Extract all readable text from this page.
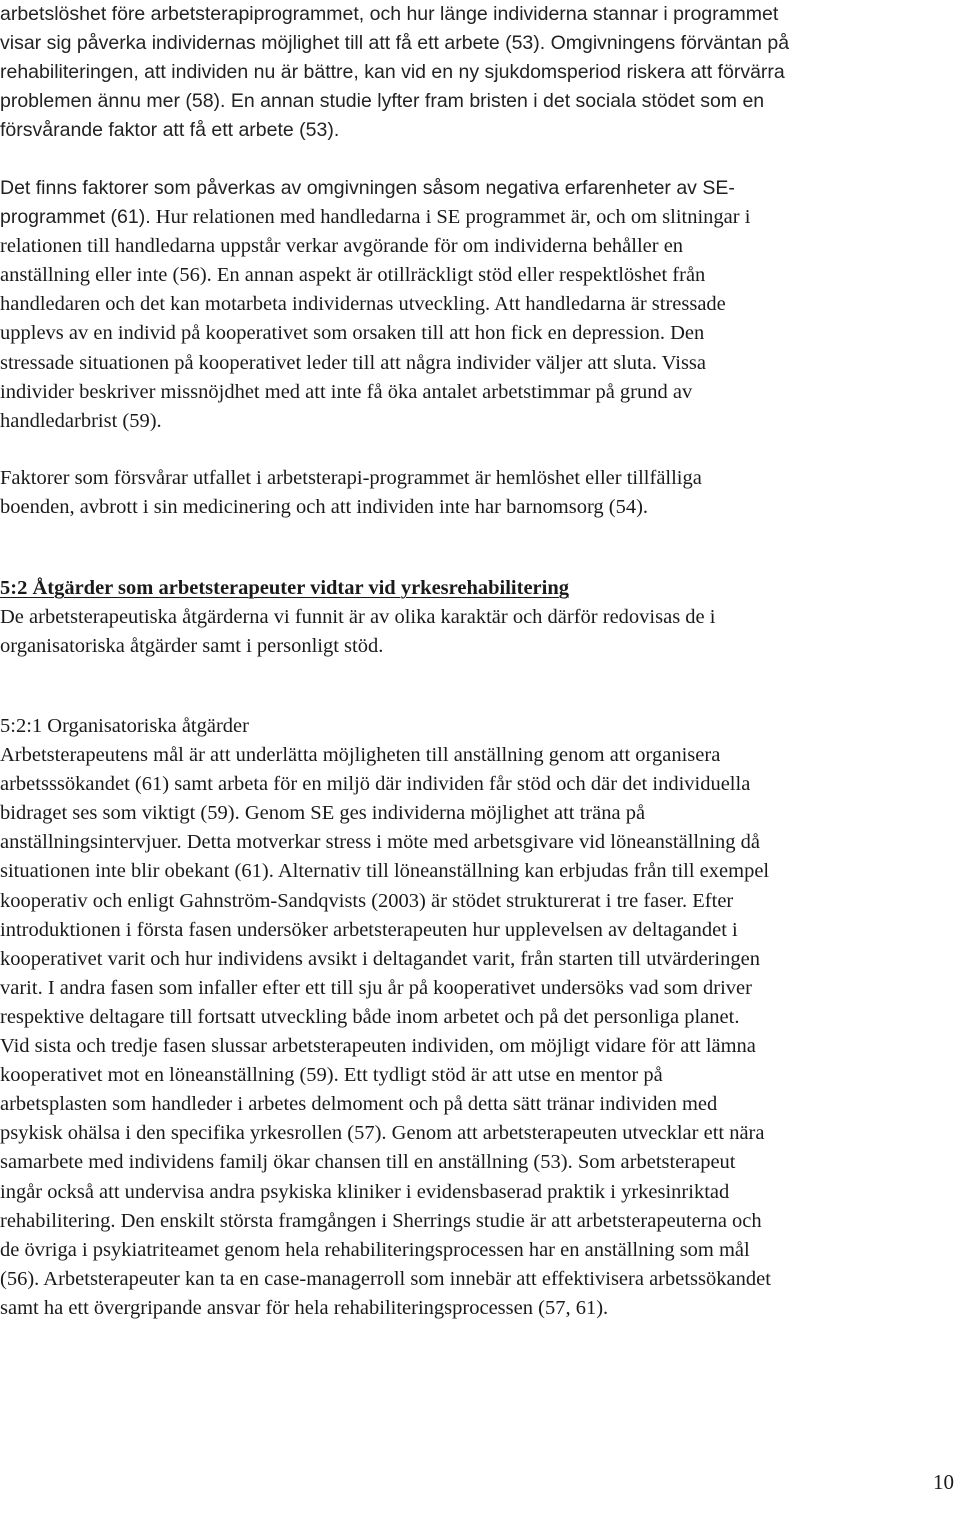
arbetslöshet före arbetsterapiprogrammet, och hur länge individerna stannar i programmet
visar sig påverka individernas möjlighet till att få ett arbete (53). Omgivningens förväntan på
rehabiliteringen, att individen nu är bättre, kan vid en ny sjukdomsperiod riskera att förvärra
problemen ännu mer (58). En annan studie lyfter fram bristen i det sociala stödet som en
försvårande faktor att få ett arbete (53).
Det finns faktorer som påverkas av omgivningen såsom negativa erfarenheter av SE-
programmet (61). Hur relationen med handledarna i SE programmet är, och om slitningar i
relationen till handledarna uppstår verkar avgörande för om individerna behåller en
anställning eller inte (56). En annan aspekt är otillräckligt stöd eller respektlöshet från
handledaren och det kan motarbeta individernas utveckling. Att handledarna är stressade
upplevs av en individ på kooperativet som orsaken till att hon fick en depression. Den
stressade situationen på kooperativet leder till att några individer väljer att sluta. Vissa
individer beskriver missnöjdhet med att inte få öka antalet arbetstimmar på grund av
handledarbrist (59).
Faktorer som försvårar utfallet i arbetsterapi-programmet är hemlöshet eller tillfälliga
boenden, avbrott i sin medicinering och att individen inte har barnomsorg (54).
5:2 Åtgärder som arbetsterapeuter vidtar vid yrkesrehabilitering
De arbetsterapeutiska åtgärderna vi funnit är av olika karaktär och därför redovisas de i
organisatoriska åtgärder samt i personligt stöd.
5:2:1 Organisatoriska åtgärder
Arbetsterapeutens mål är att underlätta möjligheten till anställning genom att organisera
arbetsssökandet (61) samt arbeta för en miljö där individen får stöd och där det individuella
bidraget ses som viktigt (59). Genom SE ges individerna möjlighet att träna på
anställningsintervjuer. Detta motverkar stress i möte med arbetsgivare vid löneanställning då
situationen inte blir obekant (61). Alternativ till löneanställning kan erbjudas från till exempel
kooperativ och enligt Gahnström-Sandqvists (2003) är stödet strukturerat i tre faser. Efter
introduktionen i första fasen undersöker arbetsterapeuten hur upplevelsen av deltagandet i
kooperativet varit och hur individens avsikt i deltagandet varit, från starten till utvärderingen
varit. I andra fasen som infaller efter ett till sju år på kooperativet undersöks vad som driver
respektive deltagare till fortsatt utveckling både inom arbetet och på det personliga planet.
Vid sista och tredje fasen slussar arbetsterapeuten individen, om möjligt vidare för att lämna
kooperativet mot en löneanställning (59). Ett tydligt stöd är att utse en mentor på
arbetsplasten som handleder i arbetes delmoment och på detta sätt tränar individen med
psykisk ohälsa i den specifika yrkesrollen (57). Genom att arbetsterapeuten utvecklar ett nära
samarbete med individens familj ökar chansen till en anställning (53). Som arbetsterapeut
ingår också att undervisa andra psykiska kliniker i evidensbaserad praktik i yrkesinriktad
rehabilitering. Den enskilt största framgången i Sherrings studie är att arbetsterapeuterna och
de övriga i psykiatriteamet genom hela rehabiliteringsprocessen har en anställning som mål
(56). Arbetsterapeuter kan ta en case-managerroll som innebär att effektivisera arbetssökandet
samt ha ett övergripande ansvar för hela rehabiliteringsprocessen (57, 61).
10
